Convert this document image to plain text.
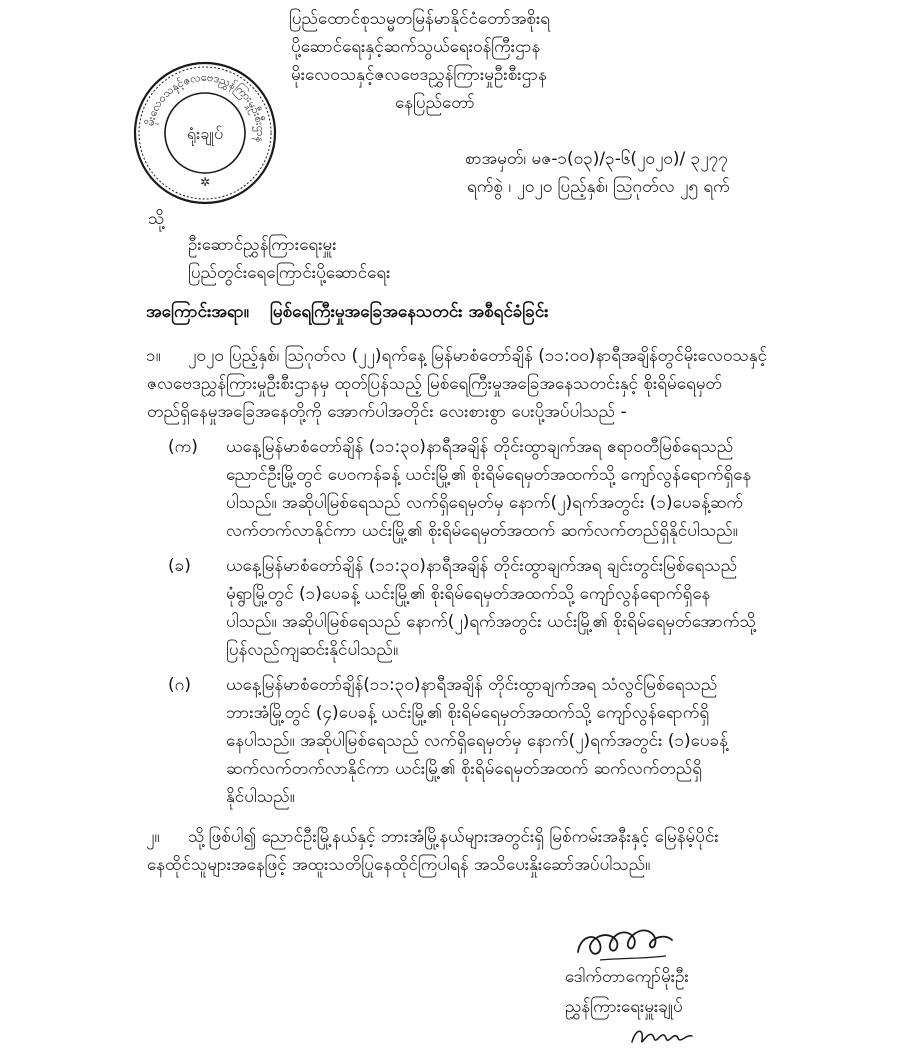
မိုးလေဝသနှင့်ဇလဗေဒညွှန်ကြားမှုဦးစီးဌာန
ရုံးချုပ်
✲
ပြည်ထောင်စုသမ္မတမြန်မာနိုင်ငံတော်အစိုးရ
ပို့ဆောင်ရေးနှင့်ဆက်သွယ်ရေးဝန်ကြီးဌာန
မိုးလေဝသနှင့်ဇလဗေဒညွှန်ကြားမှုဦးစီးဌာန
နေပြည်တော်
စာအမှတ်၊ မဇ-၁(၀၃)/၃-၆(၂၀၂၀)/ ၃၂၇၇
ရက်စွဲ ၊ ၂၀၂၀ ပြည့်နှစ်၊ ဩဂုတ်လ ၂၅ ရက်
သို့
ဦးဆောင်ညွှန်ကြားရေးမှူး
ပြည်တွင်းရေကြောင်းပို့ဆောင်ရေး
အကြောင်းအရာ။ မြစ်ရေကြီးမှုအခြေအနေသတင်း အစီရင်ခံခြင်း
၁။ ၂၀၂၀ ပြည့်နှစ်၊ ဩဂုတ်လ (၂၂)ရက်နေ့ မြန်မာစံတော်ချိန် (၁၁:၀၀)နာရီအချိန်တွင်မိုးလေဝသနှင့်
ဇလဗေဒညွှန်ကြားမှုဦးစီးဌာနမှ ထုတ်ပြန်သည့် မြစ်ရေကြီးမှုအခြေအနေသတင်းနှင့် စိုးရိမ်ရေမှတ်
တည်ရှိနေမှုအခြေအနေတို့ကို အောက်ပါအတိုင်း လေးစားစွာ ပေးပို့အပ်ပါသည် -
(က) ယနေ့မြန်မာစံတော်ချိန် (၁၁:၃၀)နာရီအချိန် တိုင်းထွာချက်အရ ဧရာဝတီမြစ်ရေသည်
ညောင်ဦးမြို့တွင် ပေ၀ကန်ခန့် ယင်းမြို့၏ စိုးရိမ်ရေမှတ်အထက်သို့ ကျော်လွန်ရောက်ရှိနေ
ပါသည်။ အဆိုပါမြစ်ရေသည် လက်ရှိရေမှတ်မှ နောက်(၂)ရက်အတွင်း (၁)ပေခန့်ဆက်
လက်တက်လာနိုင်ကာ ယင်းမြို့၏ စိုးရိမ်ရေမှတ်အထက် ဆက်လက်တည်ရှိနိုင်ပါသည်။
(ခ) ယနေ့မြန်မာစံတော်ချိန် (၁၁:၃၀)နာရီအချိန် တိုင်းထွာချက်အရ ချင်းတွင်းမြစ်ရေသည်
မုံရွာမြို့တွင် (၁)ပေခန့် ယင်းမြို့၏ စိုးရိမ်ရေမှတ်အထက်သို့ ကျော်လွန်ရောက်ရှိနေ
ပါသည်။ အဆိုပါမြစ်ရေသည် နောက်(၂)ရက်အတွင်း ယင်းမြို့၏ စိုးရိမ်ရေမှတ်အောက်သို့
ပြန်လည်ကျဆင်းနိုင်ပါသည်။
(ဂ) ယနေ့မြန်မာစံတော်ချိန်(၁၁:၃၀)နာရီအချိန် တိုင်းထွာချက်အရ သံလွင်မြစ်ရေသည်
ဘားအံမြို့တွင် (၄)ပေခန့် ယင်းမြို့၏ စိုးရိမ်ရေမှတ်အထက်သို့ ကျော်လွန်ရောက်ရှိ
နေပါသည်။ အဆိုပါမြစ်ရေသည် လက်ရှိရေမှတ်မှ နောက်(၂)ရက်အတွင်း (၁)ပေခန့်
ဆက်လက်တက်လာနိုင်ကာ ယင်းမြို့၏ စိုးရိမ်ရေမှတ်အထက် ဆက်လက်တည်ရှိ
နိုင်ပါသည်။
၂။ သို့ဖြစ်ပါ၍ ညောင်ဦးမြို့နယ်နှင့် ဘားအံမြို့နယ်များအတွင်းရှိ မြစ်ကမ်းအနီးနှင့် မြေနိမ့်ပိုင်း
နေထိုင်သူများအနေဖြင့် အထူးသတိပြုနေထိုင်ကြပါရန် အသိပေးနှိုးဆော်အပ်ပါသည်။
ဒေါက်တာကျော်မိုးဦး
ညွှန်ကြားရေးမှူးချုပ်
